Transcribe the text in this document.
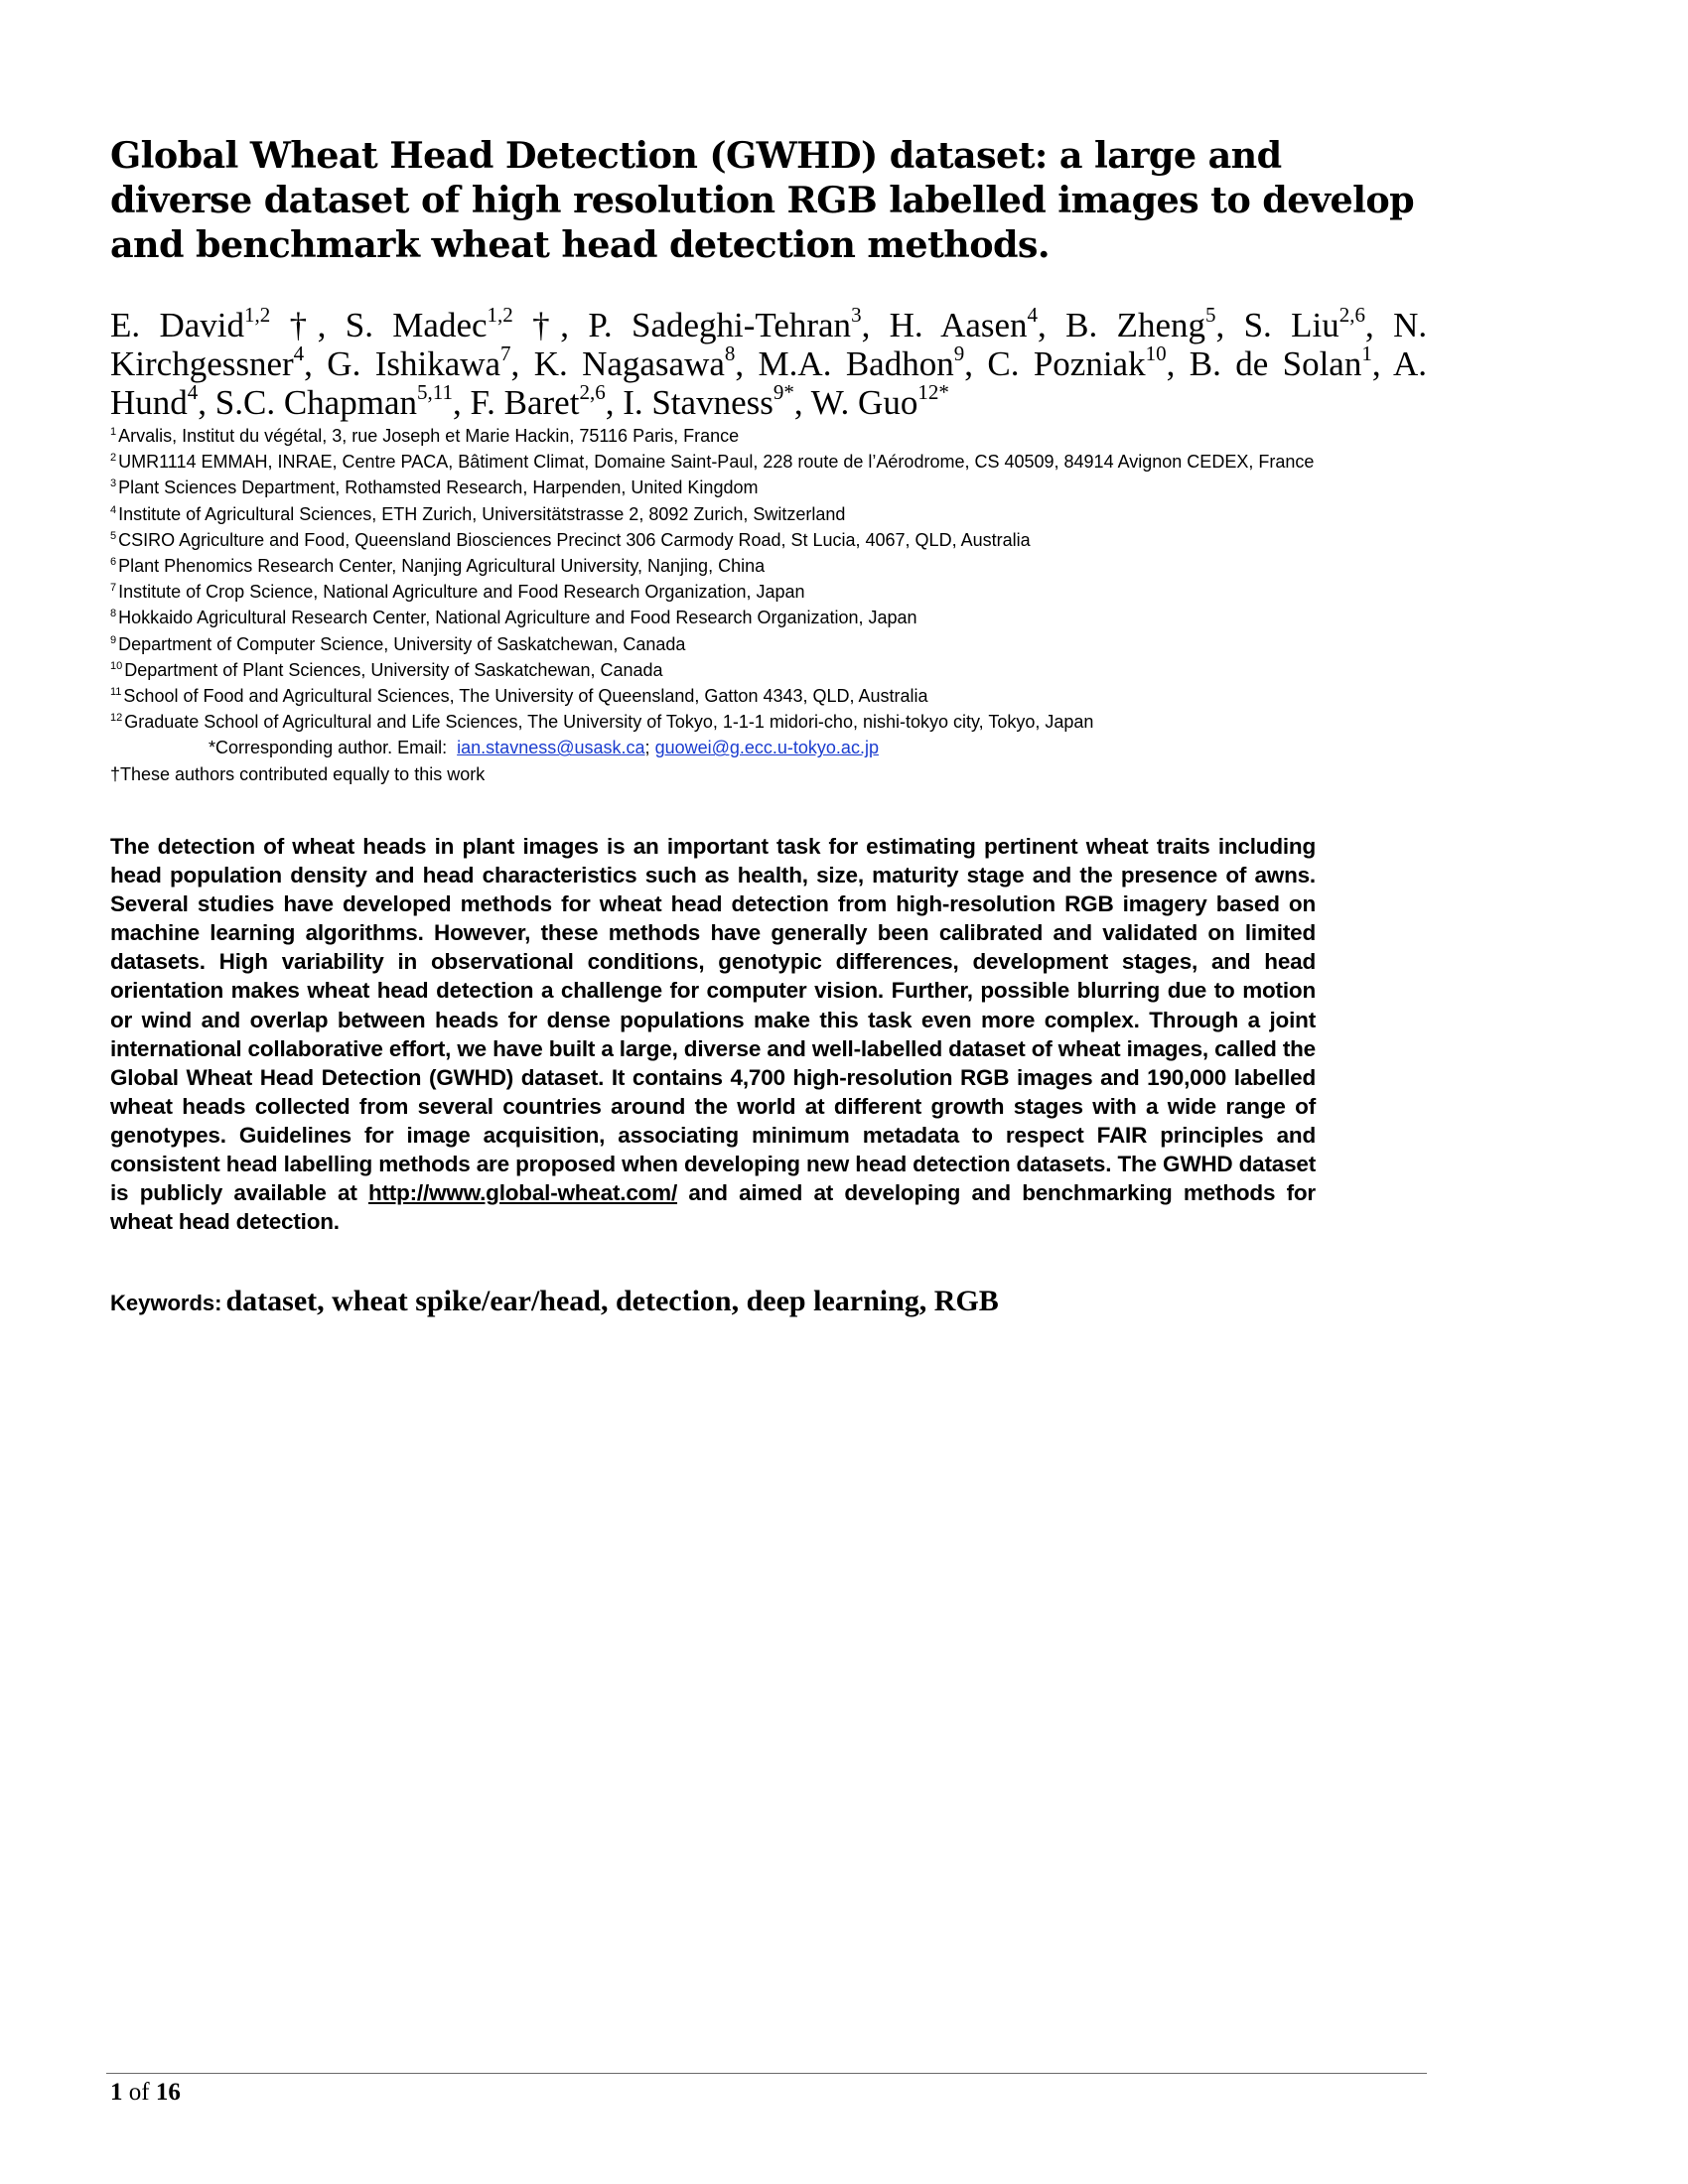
Global Wheat Head Detection (GWHD) dataset: a large and diverse dataset of high resolution RGB labelled images to develop and benchmark wheat head detection methods.
E. David$^{1,2}$ †, S. Madec$^{1,2}$ †, P. Sadeghi-Tehran$^3$, H. Aasen$^4$, B. Zheng$^5$, S. Liu$^{2,6}$, N. Kirchgessner$^4$, G. Ishikawa$^7$, K. Nagasawa$^8$, M.A. Badhon$^9$, C. Pozniak$^{10}$, B. de Solan$^1$, A. Hund$^4$, S.C. Chapman$^{5,11}$, F. Baret$^{2,6}$, I. Stavness$^{9*}$, W. Guo$^{12*}$
$^1$ Arvalis, Institut du végétal, 3, rue Joseph et Marie Hackin, 75116 Paris, France
$^2$ UMR1114 EMMAH, INRAE, Centre PACA, Bâtiment Climat, Domaine Saint-Paul, 228 route de l’Aérodrome, CS 40509, 84914 Avignon CEDEX, France
$^3$ Plant Sciences Department, Rothamsted Research, Harpenden, United Kingdom
$^4$ Institute of Agricultural Sciences, ETH Zurich, Universitätstrasse 2, 8092 Zurich, Switzerland
$^5$ CSIRO Agriculture and Food, Queensland Biosciences Precinct 306 Carmody Road, St Lucia, 4067, QLD, Australia
$^6$ Plant Phenomics Research Center, Nanjing Agricultural University, Nanjing, China
$^7$ Institute of Crop Science, National Agriculture and Food Research Organization, Japan
$^8$ Hokkaido Agricultural Research Center, National Agriculture and Food Research Organization, Japan
$^9$ Department of Computer Science, University of Saskatchewan, Canada
$^{10}$ Department of Plant Sciences, University of Saskatchewan, Canada
$^{11}$ School of Food and Agricultural Sciences, The University of Queensland, Gatton 4343, QLD, Australia
$^{12}$ Graduate School of Agricultural and Life Sciences, The University of Tokyo, 1-1-1 midori-cho, nishi-tokyo city, Tokyo, Japan
*Corresponding author. Email: ian.stavness@usask.ca; guowei@g.ecc.u-tokyo.ac.jp
†These authors contributed equally to this work

The detection of wheat heads in plant images is an important task for estimating pertinent wheat traits including head population density and head characteristics such as health, size, maturity stage and the presence of awns. Several studies have developed methods for wheat head detection from high-resolution RGB imagery based on machine learning algorithms. However, these methods have generally been calibrated and validated on limited datasets. High variability in observational conditions, genotypic differences, development stages, and head orientation makes wheat head detection a challenge for computer vision. Further, possible blurring due to motion or wind and overlap between heads for dense populations make this task even more complex. Through a joint international collaborative effort, we have built a large, diverse and well-labelled dataset of wheat images, called the Global Wheat Head Detection (GWHD) dataset. It contains 4,700 high-resolution RGB images and 190,000 labelled wheat heads collected from several countries around the world at different growth stages with a wide range of genotypes. Guidelines for image acquisition, associating minimum metadata to respect FAIR principles and consistent head labelling methods are proposed when developing new head detection datasets. The GWHD dataset is publicly available at http://www.global-wheat.com/ and aimed at developing and benchmarking methods for wheat head detection.

Keywords: dataset, wheat spike/ear/head, detection, deep learning, RGB
1 of 16
